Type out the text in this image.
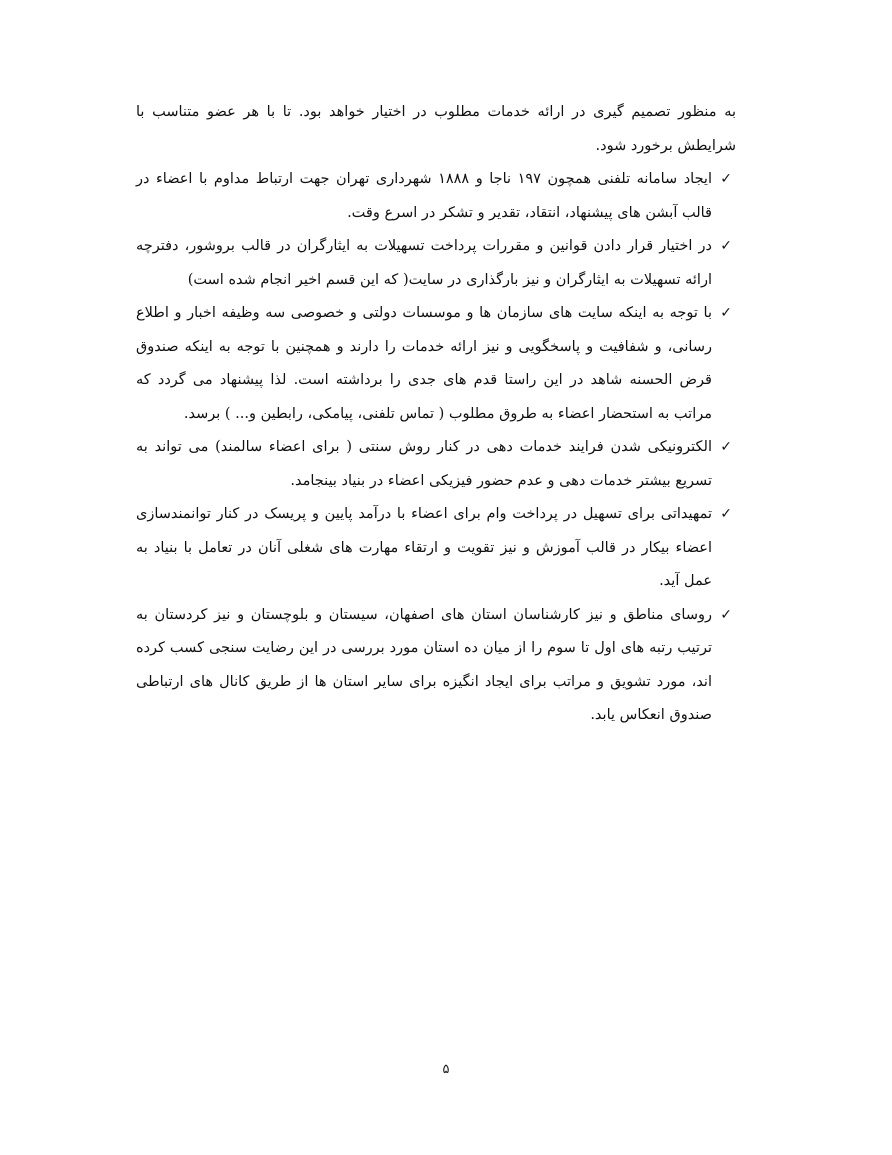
به منظور تصمیم گیری در ارائه خدمات مطلوب در اختیار خواهد بود. تا با هر عضو متناسب با شرایطش برخورد شود.

✓
ایجاد سامانه تلفنی همچون ۱۹۷ ناجا و ۱۸۸۸ شهرداری تهران جهت ارتباط مداوم با اعضاء در قالب آبشن های پیشنهاد، انتقاد، تقدیر و تشکر در اسرع وقت.
✓
در اختیار قرار دادن قوانین و مقررات پرداخت تسهیلات به ایثارگران در قالب بروشور، دفترچه ارائه تسهیلات به ایثارگران و نیز بارگذاری در سایت( که این قسم اخیر انجام شده است)
✓
با توجه به اینکه سایت های سازمان ها و موسسات دولتی و خصوصی سه وظیفه اخبار و اطلاع رسانی، و شفافیت و پاسخگویی و نیز ارائه خدمات را دارند و همچنین با توجه به اینکه صندوق قرض الحسنه شاهد در این راستا قدم های جدی را برداشته است. لذا پیشنهاد می گردد که مراتب به استحضار اعضاء به طروق مطلوب ( تماس تلفنی، پیامکی، رابطین و... ) برسد.
✓
الکترونیکی شدن فرایند خدمات دهی در کنار روش سنتی ( برای اعضاء سالمند) می تواند به تسریع بیشتر خدمات دهی و عدم حضور فیزیکی اعضاء در بنیاد بینجامد.
✓
تمهیداتی برای تسهیل در پرداخت وام برای اعضاء با درآمد پایین و پریسک در کنار توانمندسازی اعضاء بیکار در قالب آموزش و نیز تقویت و ارتقاء مهارت های شغلی آنان در تعامل با بنیاد به عمل آید.
✓
روسای مناطق و نیز کارشناسان استان های اصفهان، سیستان و بلوچستان و نیز کردستان به ترتیب رتبه های اول تا سوم را از میان ده استان مورد بررسی در این رضایت سنجی کسب کرده اند، مورد تشویق و مراتب برای ایجاد انگیزه برای سایر استان ها از طریق کانال های ارتباطی صندوق انعکاس یابد.
۵
